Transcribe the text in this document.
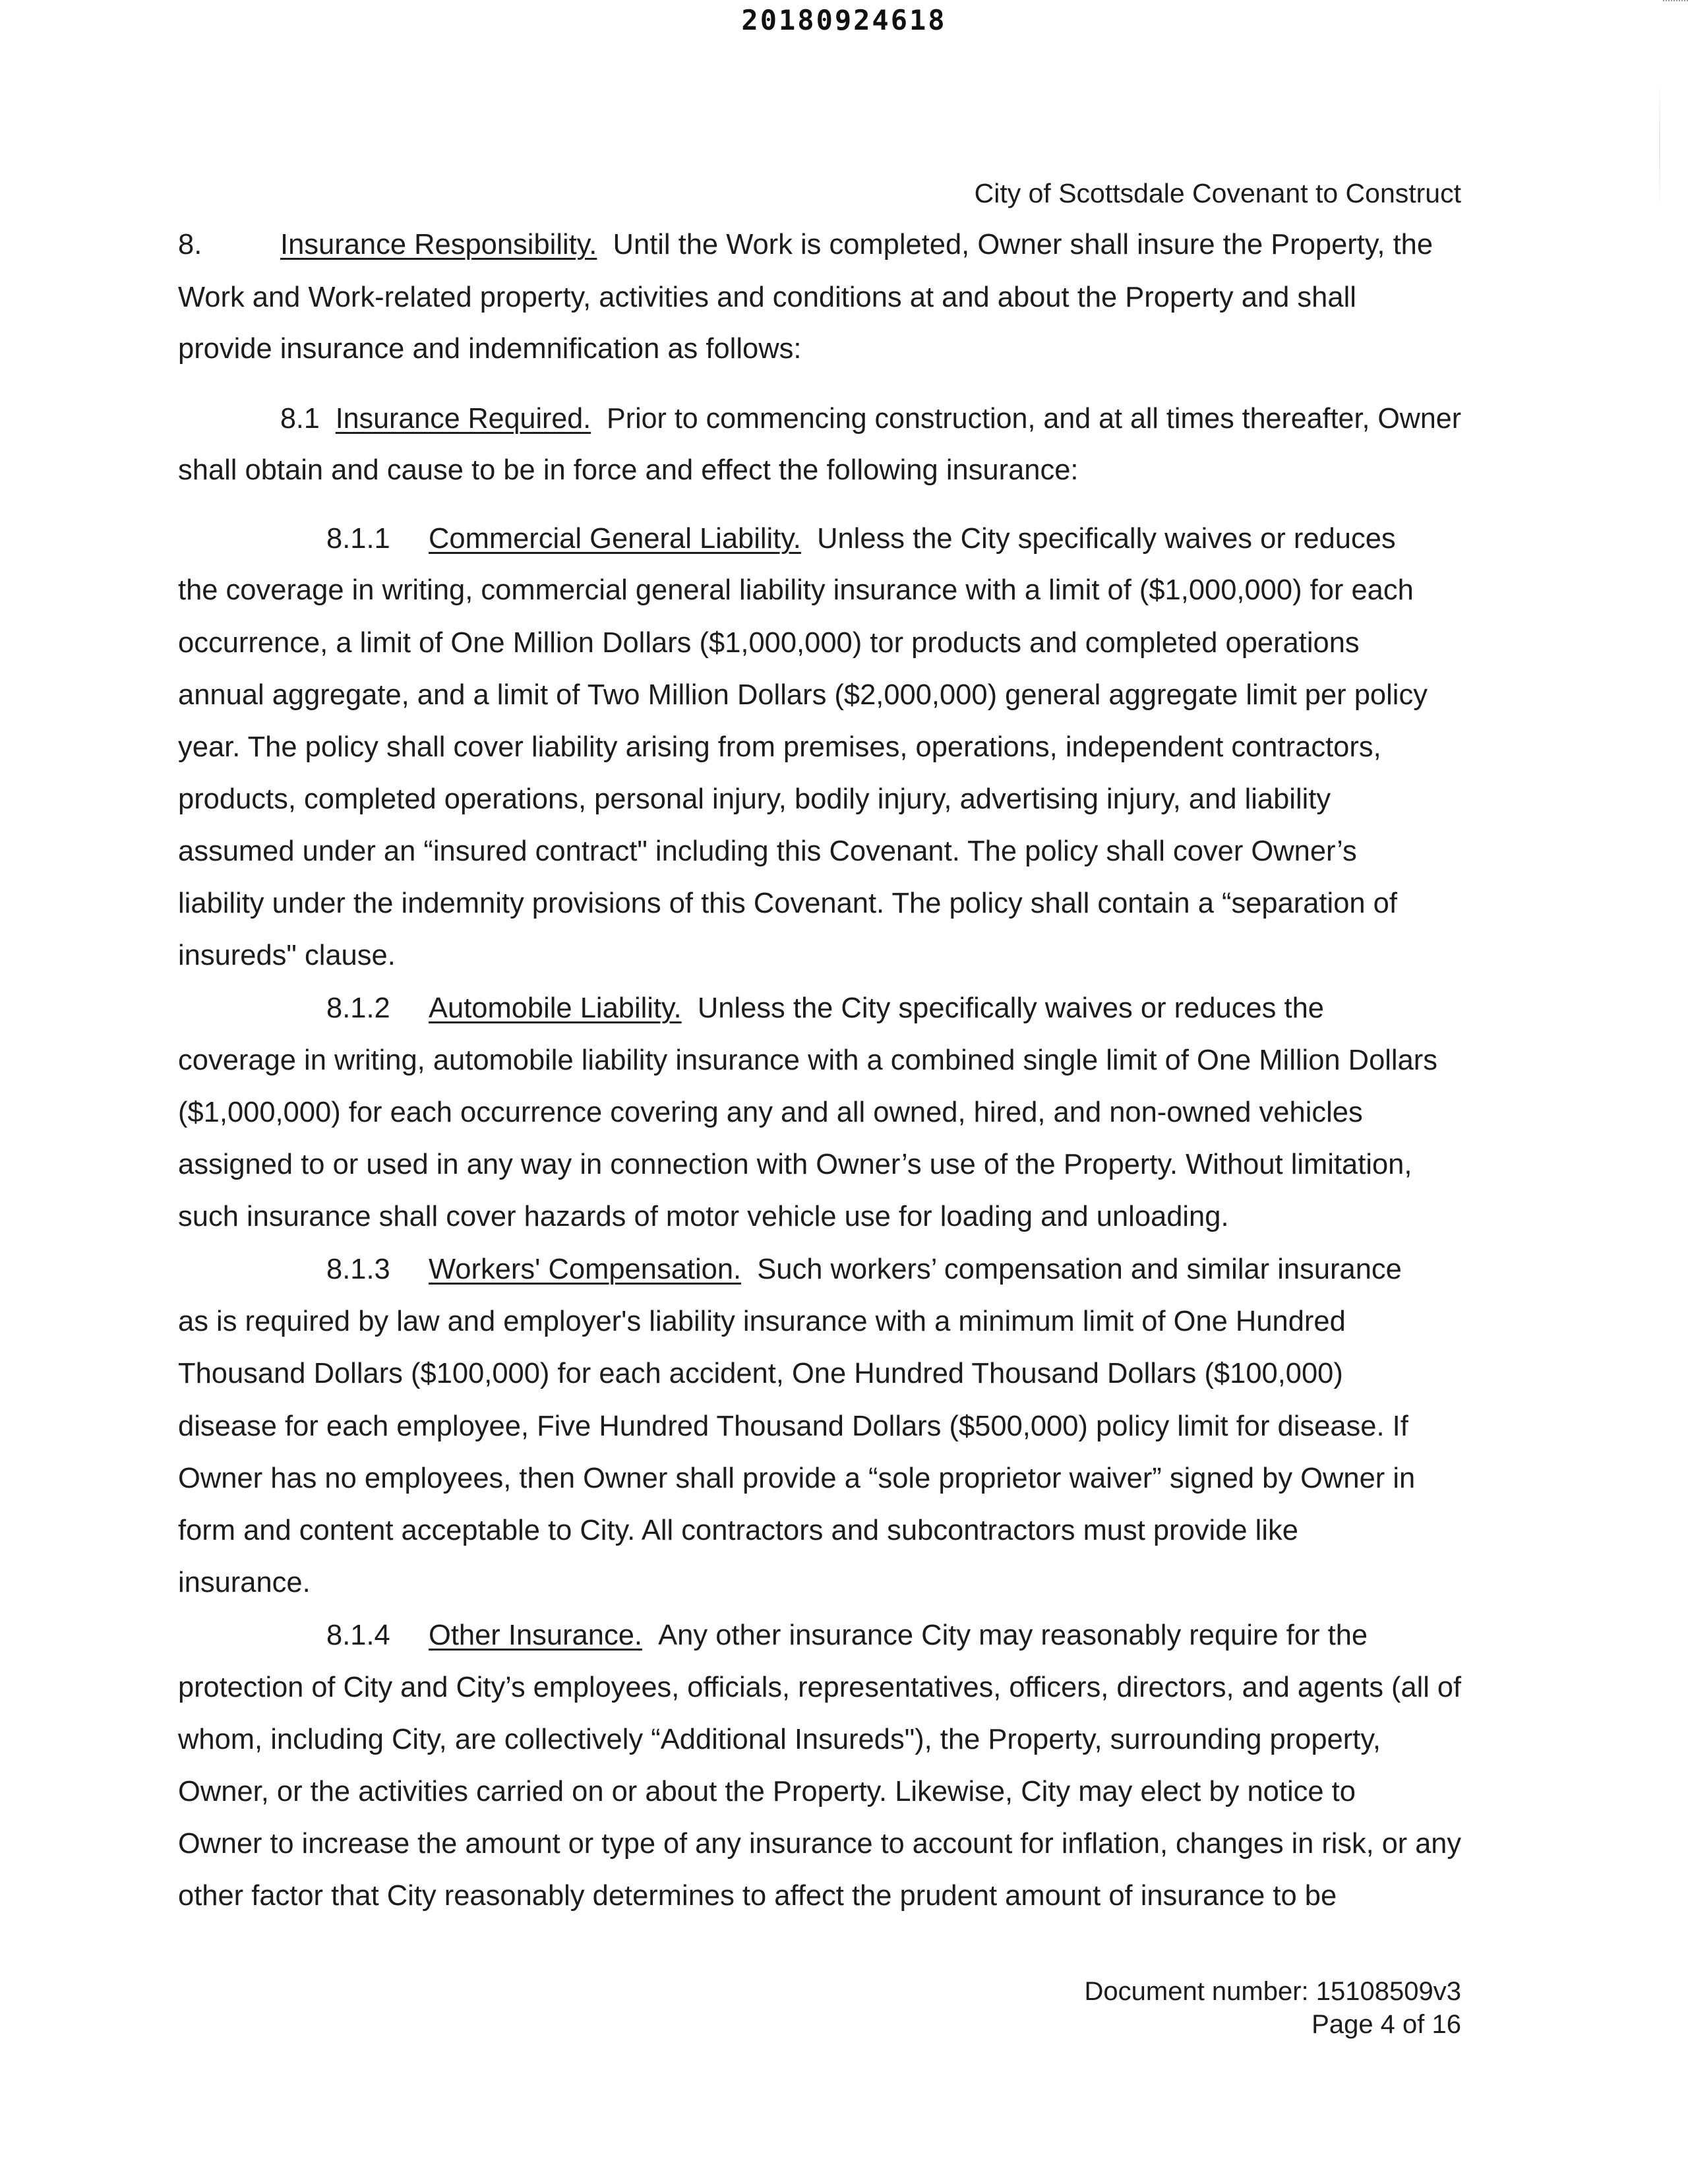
20180924618
City of Scottsdale Covenant to Construct
8.	Insurance Responsibility. Until the Work is completed, Owner shall insure the Property, the
Work and Work-related property, activities and conditions at and about the Property and shall
provide insurance and indemnification as follows:
8.1 Insurance Required. Prior to commencing construction, and at all times thereafter, Owner
shall obtain and cause to be in force and effect the following insurance:
8.1.1 Commercial General Liability. Unless the City specifically waives or reduces
the coverage in writing, commercial general liability insurance with a limit of ($1,000,000) for each
occurrence, a limit of One Million Dollars ($1,000,000) tor products and completed operations
annual aggregate, and a limit of Two Million Dollars ($2,000,000) general aggregate limit per policy
year. The policy shall cover liability arising from premises, operations, independent contractors,
products, completed operations, personal injury, bodily injury, advertising injury, and liability
assumed under an “insured contract" including this Covenant. The policy shall cover Owner’s
liability under the indemnity provisions of this Covenant. The policy shall contain a “separation of
insureds" clause.
8.1.2 Automobile Liability. Unless the City specifically waives or reduces the
coverage in writing, automobile liability insurance with a combined single limit of One Million Dollars
($1,000,000) for each occurrence covering any and all owned, hired, and non-owned vehicles
assigned to or used in any way in connection with Owner’s use of the Property. Without limitation,
such insurance shall cover hazards of motor vehicle use for loading and unloading.
8.1.3 Workers' Compensation. Such workers’ compensation and similar insurance
as is required by law and employer's liability insurance with a minimum limit of One Hundred
Thousand Dollars ($100,000) for each accident, One Hundred Thousand Dollars ($100,000)
disease for each employee, Five Hundred Thousand Dollars ($500,000) policy limit for disease. If
Owner has no employees, then Owner shall provide a “sole proprietor waiver” signed by Owner in
form and content acceptable to City. All contractors and subcontractors must provide like
insurance.
8.1.4 Other Insurance. Any other insurance City may reasonably require for the
protection of City and City’s employees, officials, representatives, officers, directors, and agents (all of
whom, including City, are collectively “Additional Insureds"), the Property, surrounding property,
Owner, or the activities carried on or about the Property. Likewise, City may elect by notice to
Owner to increase the amount or type of any insurance to account for inflation, changes in risk, or any
other factor that City reasonably determines to affect the prudent amount of insurance to be
Document number: 15108509v3
Page 4 of 16
